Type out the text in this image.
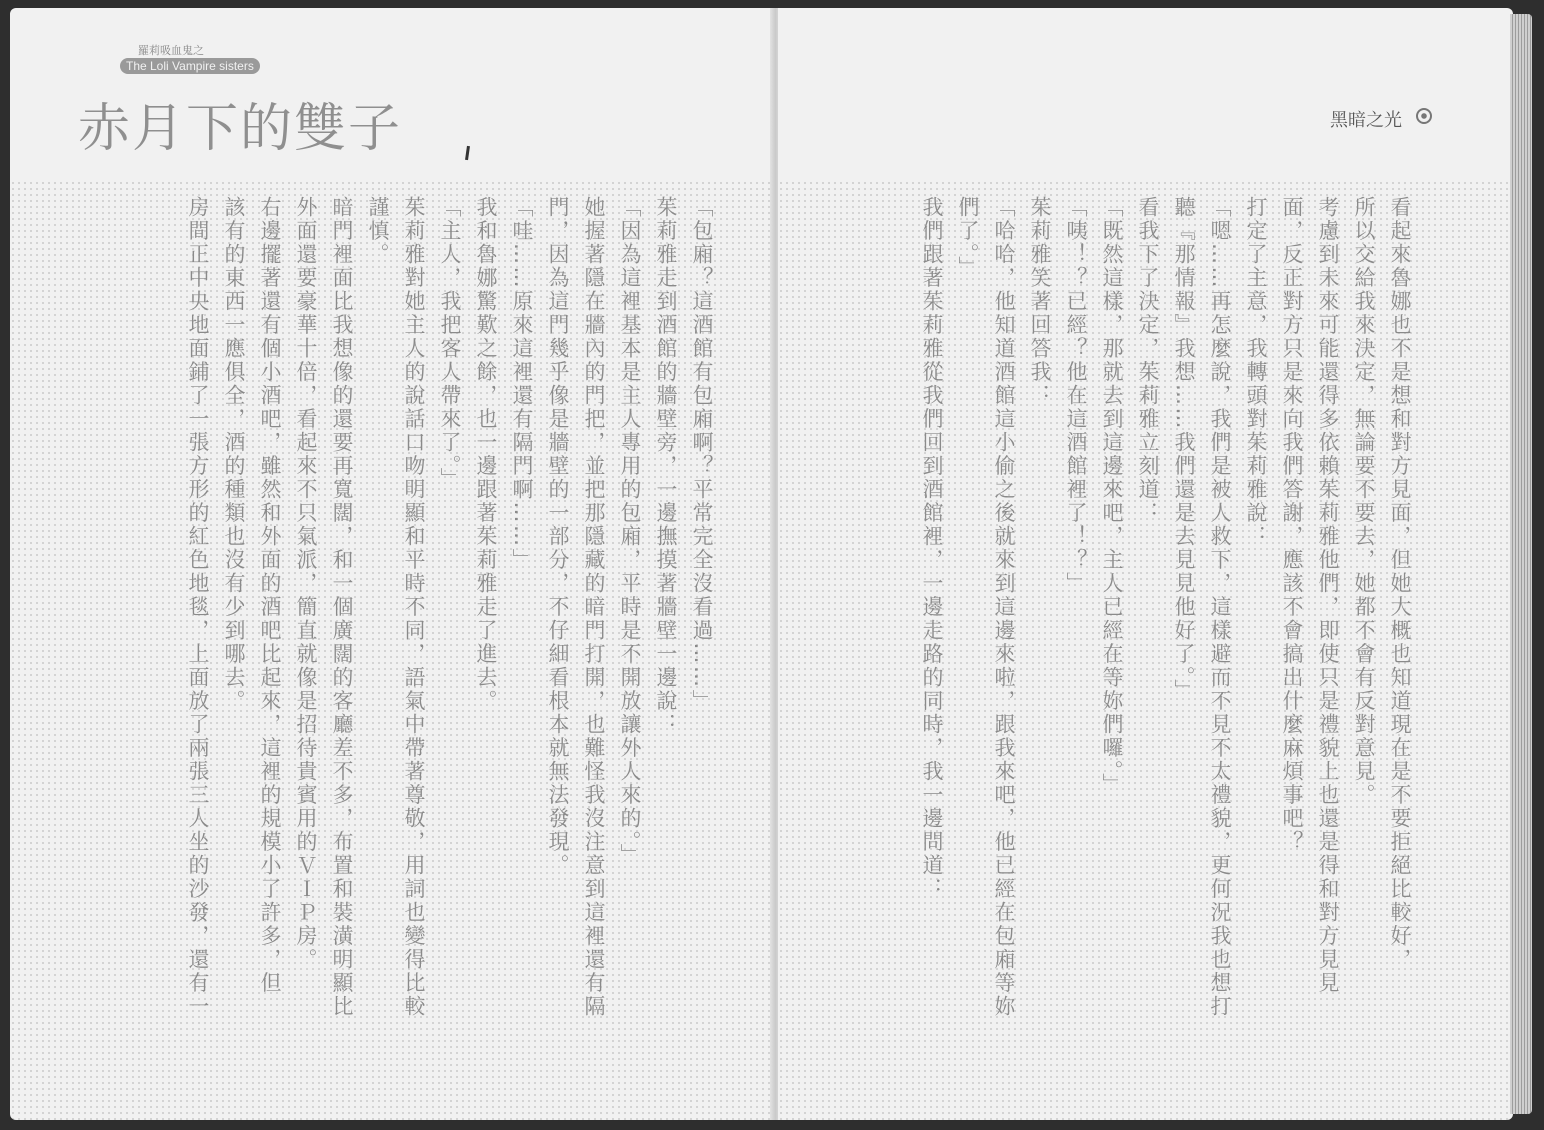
羅莉吸血鬼之
The Loli Vampire sisters
赤月下的雙子

「包廂？這酒館有包廂啊？平常完全沒看過……」

茱莉雅走到酒館的牆壁旁，一邊撫摸著牆壁一邊說：

「因為這裡基本是主人專用的包廂，平時是不開放讓外人來的。」

她握著隱在牆內的門把，並把那隱藏的暗門打開，也難怪我沒注意到這裡還有隔

門，因為這門幾乎像是牆壁的一部分，不仔細看根本就無法發現。

「哇……原來這裡還有隔門啊……」

我和魯娜驚歎之餘，也一邊跟著茱莉雅走了進去。

「主人，我把客人帶來了。」

茱莉雅對她主人的說話口吻明顯和平時不同，語氣中帶著尊敬，用詞也變得比較

謹慎。

暗門裡面比我想像的還要再寬闊，和一個廣闊的客廳差不多，布置和裝潢明顯比

外面還要豪華十倍，看起來不只氣派，簡直就像是招待貴賓用的ＶＩＰ房。

右邊擺著還有個小酒吧，雖然和外面的酒吧比起來，這裡的規模小了許多，但

該有的東西一應俱全，酒的種類也沒有少到哪去。

房間正中央地面鋪了一張方形的紅色地毯，上面放了兩張三人坐的沙發，還有一

黑暗之光

看起來魯娜也不是想和對方見面，但她大概也知道現在是不要拒絕比較好，

所以交給我來決定，無論要不要去，她都不會有反對意見。

考慮到未來可能還得多依賴茱莉雅他們，即使只是禮貌上也還是得和對方見見

面，反正對方只是來向我們答謝，應該不會搞出什麼麻煩事吧？

打定了主意，我轉頭對茱莉雅說：

「嗯……再怎麼說，我們是被人救下，這樣避而不見不太禮貌，更何況我也想打

聽『那情報』我想……我們還是去見見他好了。」

看我下了決定，茱莉雅立刻道：

「既然這樣，那就去到這邊來吧，主人已經在等妳們囉。」

「咦！？已經？他在這酒館裡了！？」

茱莉雅笑著回答我：

「哈哈，他知道酒館這小偷之後就來到這邊來啦，跟我來吧，他已經在包廂等妳

們了。」

我們跟著茱莉雅從我們回到酒館裡，一邊走路的同時，我一邊問道：
